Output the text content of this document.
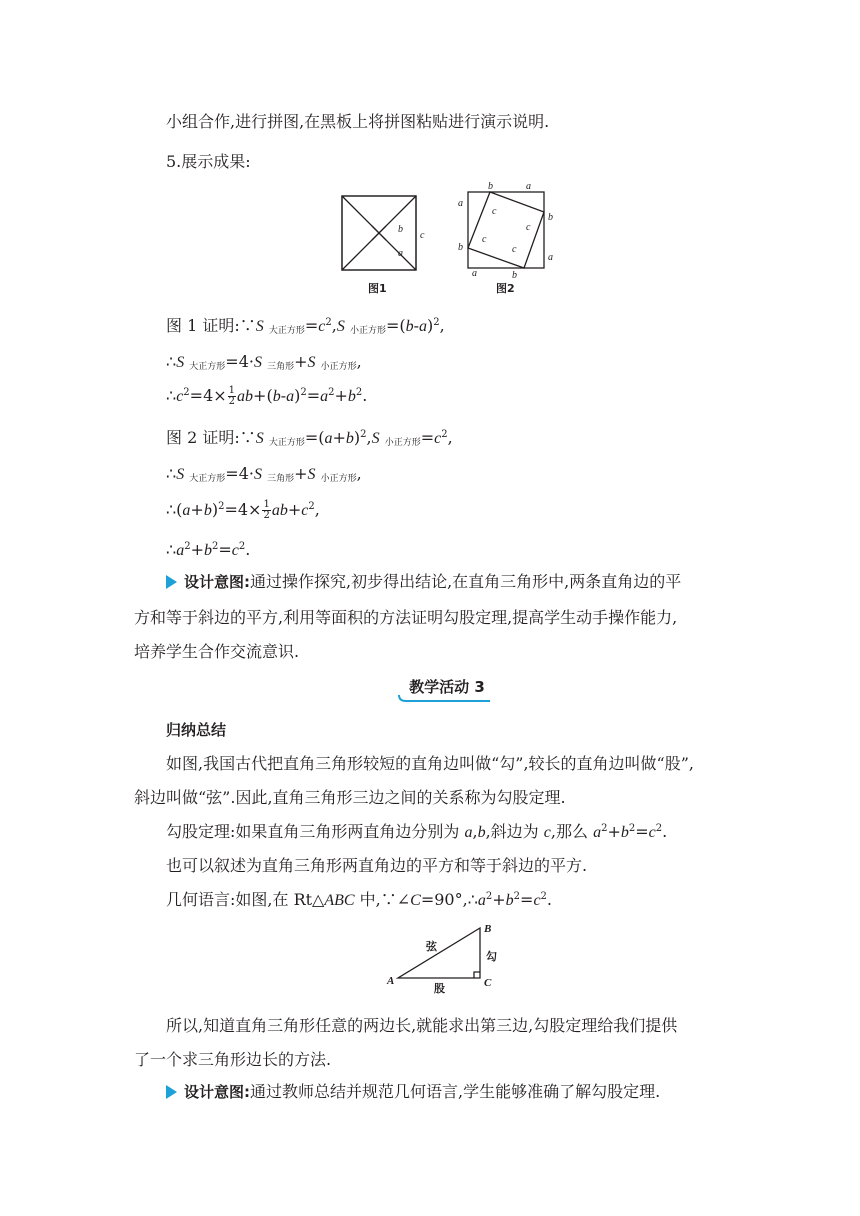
小组合作,进行拼图,在黑板上将拼图粘贴进行演示说明.
5.展示成果:
b
a
c
图1
b	a
a
b
b
a
a	b
c
c
c
c
图2
图 1 证明:∵S $_{大正方形}=c^2,S$ $_{小正方形}=(b-a)^2$,
∴S $_{大正方形}$=4·S $_{三角形}$+S $_{小正方形}$,
$\therefore c^2=4\times \frac{1}{2} ab+(b-a)^2=a^2+b^2$.
图 2 证明:∵S $_{大正方形}=(a+b)^2,S$ $_{小正方形}=c^2$,
∴S $_{大正方形}$=4·S $_{三角形}$+S $_{小正方形}$,
$\therefore(a+b)^2=4\times \frac{1}{2} ab+c^2$,
$\therefore a^2+b^2=c^2$.
设计意图:通过操作探究,初步得出结论,在直角三角形中,两条直角边的平
方和等于斜边的平方,利用等面积的方法证明勾股定理,提高学生动手操作能力,
培养学生合作交流意识.
教学活动 3
归纳总结
如图,我国古代把直角三角形较短的直角边叫做“勾”,较长的直角边叫做“股”,
斜边叫做“弦”.因此,直角三角形三边之间的关系称为勾股定理.
勾股定理:如果直角三角形两直角边分别为 a,b,斜边为 c,那么 $a^2+b^2=c^2$.
也可以叙述为直角三角形两直角边的平方和等于斜边的平方.
几何语言:如图,在 Rt△ABC 中$,\because\angle C=90^\circ,\therefore a^2+b^2=c^2$.
A
B
C
弦
勾
股
所以,知道直角三角形任意的两边长,就能求出第三边,勾股定理给我们提供
了一个求三角形边长的方法.
设计意图:通过教师总结并规范几何语言,学生能够准确了解勾股定理.
